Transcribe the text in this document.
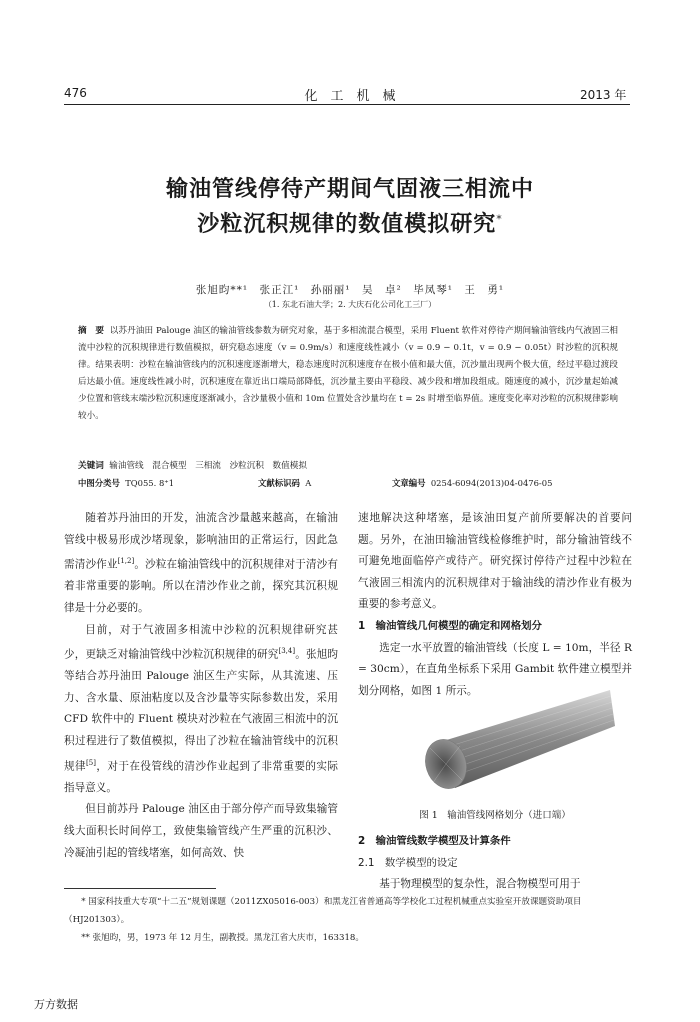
476	化　工　机　械	2013 年
输油管线停待产期间气固液三相流中
沙粒沉积规律的数值模拟研究*
张旭昀**¹　张正江¹　孙丽丽¹　吴　卓²　毕凤琴¹　王　勇¹
（1. 东北石油大学；2. 大庆石化公司化工三厂）
摘　要 以苏丹油田 Palouge 油区的输油管线参数为研究对象，基于多相流混合模型，采用 Fluent 软件对停待产期间输油管线内气液固三相流中沙粒的沉积规律进行数值模拟，研究稳态速度（v = 0.9m/s）和速度线性减小（v = 0.9 − 0.1t，v = 0.9 − 0.05t）时沙粒的沉积规律。结果表明：沙粒在输油管线内的沉积速度逐渐增大，稳态速度时沉积速度存在极小值和最大值，沉沙量出现两个极大值，经过平稳过渡段后达最小值。速度线性减小时，沉积速度在靠近出口端局部降低，沉沙量主要由平稳段、减少段和增加段组成。随速度的减小，沉沙量起始减少位置和管线末端沙粒沉积速度逐渐减小，含沙量极小值和 10m 位置处含沙量均在 t = 2s 时增至临界值。速度变化率对沙粒的沉积规律影响较小。
关键词 输油管线　混合模型　三相流　沙粒沉积　数值模拟
中图分类号 TQ055. 8⁺1	文献标识码 A	文章编号 0254-6094(2013)04-0476-05

随着苏丹油田的开发，油流含沙量越来越高，在输油管线中极易形成沙堵现象，影响油田的正常运行，因此急需清沙作业[1,2]。沙粒在输油管线中的沉积规律对于清沙有着非常重要的影响。所以在清沙作业之前，探究其沉积规律是十分必要的。

目前，对于气液固多相流中沙粒的沉积规律研究甚少，更缺乏对输油管线中沙粒沉积规律的研究[3,4]。张旭昀等结合苏丹油田 Palouge 油区生产实际，从其流速、压力、含水量、原油粘度以及含沙量等实际参数出发，采用 CFD 软件中的 Fluent 模块对沙粒在气液固三相流中的沉积过程进行了数值模拟，得出了沙粒在输油管线中的沉积规律[5]，对于在役管线的清沙作业起到了非常重要的实际指导意义。

但目前苏丹 Palouge 油区由于部分停产而导致集输管线大面积长时间停工，致使集输管线产生严重的沉积沙、冷凝油引起的管线堵塞，如何高效、快

速地解决这种堵塞，是该油田复产前所要解决的首要问题。另外，在油田输油管线检修维护时，部分输油管线不可避免地面临停产或待产。研究探讨停待产过程中沙粒在气液固三相流内的沉积规律对于输油线的清沙作业有极为重要的参考意义。

1　输油管线几何模型的确定和网格划分

选定一水平放置的输油管线（长度 L = 10m，半径 R = 30cm），在直角坐标系下采用 Gambit 软件建立模型并划分网格，如图 1 所示。

图 1　输油管线网格划分（进口端）
2　输油管线数学模型及计算条件
2.1　数学模型的设定

基于物理模型的复杂性，混合物模型可用于

* 国家科技重大专项“十二五”规划课题（2011ZX05016-003）和黑龙江省普通高等学校化工过程机械重点实验室开放课题资助项目（HJ201303）。

** 张旭昀，男，1973 年 12 月生，副教授。黑龙江省大庆市，163318。

万方数据
